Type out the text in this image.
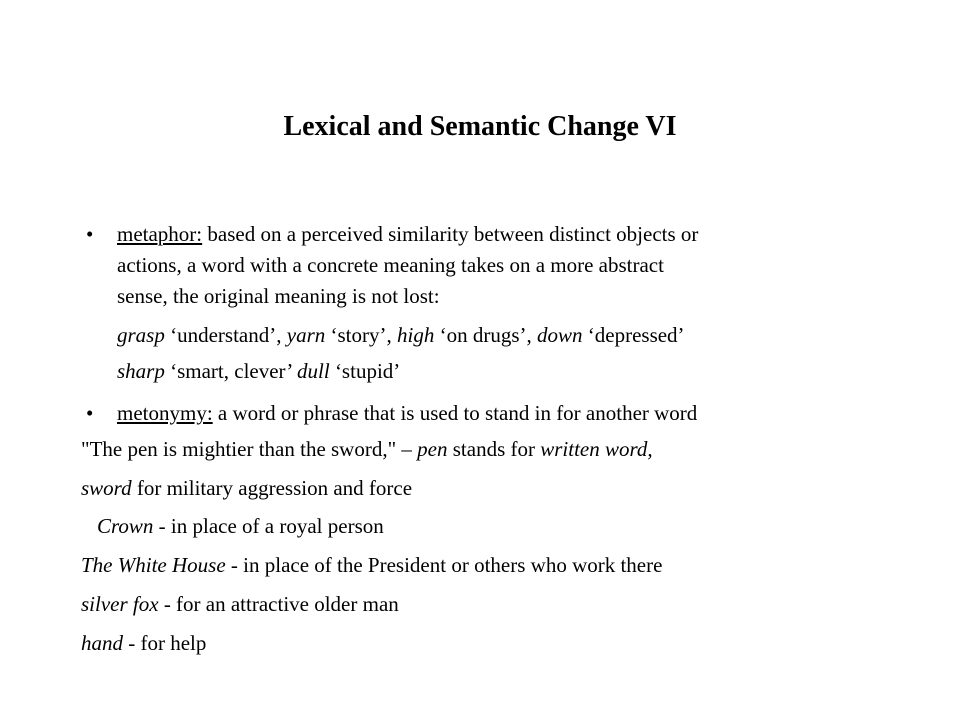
Lexical and Semantic Change VI
• metaphor: based on a perceived similarity between distinct objects or
actions, a word with a concrete meaning takes on a more abstract
sense, the original meaning is not lost:
grasp ‘understand’, yarn ‘story’, high ‘on drugs’, down ‘depressed’
sharp ‘smart, clever’ dull ‘stupid’
• metonymy: a word or phrase that is used to stand in for another word
"The pen is mightier than the sword," – pen stands for written word,
sword for military aggression and force
Crown - in place of a royal person
The White House - in place of the President or others who work there
silver fox - for an attractive older man
hand - for help
